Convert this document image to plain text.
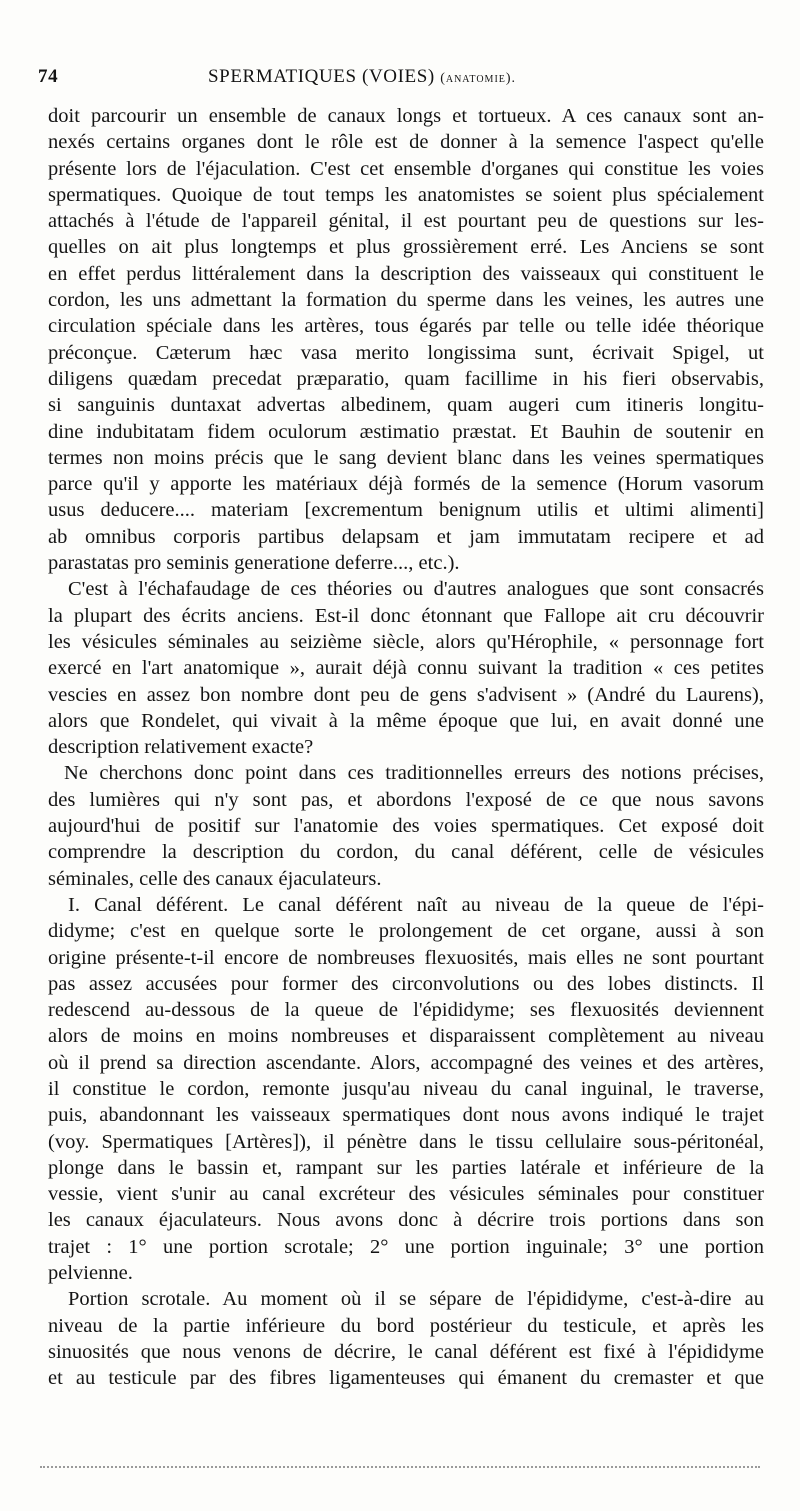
74	SPERMATIQUES (VOIES) (anatomie).
doit parcourir un ensemble de canaux longs et tortueux. A ces canaux sont an-
nexés certains organes dont le rôle est de donner à la semence l'aspect qu'elle
présente lors de l'éjaculation. C'est cet ensemble d'organes qui constitue les voies
spermatiques. Quoique de tout temps les anatomistes se soient plus spécialement
attachés à l'étude de l'appareil génital, il est pourtant peu de questions sur les-
quelles on ait plus longtemps et plus grossièrement erré. Les Anciens se sont
en effet perdus littéralement dans la description des vaisseaux qui constituent le
cordon, les uns admettant la formation du sperme dans les veines, les autres une
circulation spéciale dans les artères, tous égarés par telle ou telle idée théorique
préconçue. Cæterum hæc vasa merito longissima sunt, écrivait Spigel, ut
diligens quædam precedat præparatio, quam facillime in his fieri observabis,
si sanguinis duntaxat advertas albedinem, quam augeri cum itineris longitu-
dine indubitatam fidem oculorum æstimatio præstat. Et Bauhin de soutenir en
termes non moins précis que le sang devient blanc dans les veines spermatiques
parce qu'il y apporte les matériaux déjà formés de la semence (Horum vasorum
usus deducere.... materiam [excrementum benignum utilis et ultimi alimenti]
ab omnibus corporis partibus delapsam et jam immutatam recipere et ad
parastatas pro seminis generatione deferre..., etc.).
C'est à l'échafaudage de ces théories ou d'autres analogues que sont consacrés
la plupart des écrits anciens. Est-il donc étonnant que Fallope ait cru découvrir
les vésicules séminales au seizième siècle, alors qu'Hérophile, « personnage fort
exercé en l'art anatomique », aurait déjà connu suivant la tradition « ces petites
vescies en assez bon nombre dont peu de gens s'advisent » (André du Laurens),
alors que Rondelet, qui vivait à la même époque que lui, en avait donné une
description relativement exacte?
Ne cherchons donc point dans ces traditionnelles erreurs des notions précises,
des lumières qui n'y sont pas, et abordons l'exposé de ce que nous savons
aujourd'hui de positif sur l'anatomie des voies spermatiques. Cet exposé doit
comprendre la description du cordon, du canal déférent, celle de vésicules
séminales, celle des canaux éjaculateurs.
I. Canal déférent. Le canal déférent naît au niveau de la queue de l'épi-
didyme; c'est en quelque sorte le prolongement de cet organe, aussi à son
origine présente-t-il encore de nombreuses flexuosités, mais elles ne sont pourtant
pas assez accusées pour former des circonvolutions ou des lobes distincts. Il
redescend au-dessous de la queue de l'épididyme; ses flexuosités deviennent
alors de moins en moins nombreuses et disparaissent complètement au niveau
où il prend sa direction ascendante. Alors, accompagné des veines et des artères,
il constitue le cordon, remonte jusqu'au niveau du canal inguinal, le traverse,
puis, abandonnant les vaisseaux spermatiques dont nous avons indiqué le trajet
(voy. Spermatiques [Artères]), il pénètre dans le tissu cellulaire sous-péritonéal,
plonge dans le bassin et, rampant sur les parties latérale et inférieure de la
vessie, vient s'unir au canal excréteur des vésicules séminales pour constituer
les canaux éjaculateurs. Nous avons donc à décrire trois portions dans son
trajet : 1° une portion scrotale; 2° une portion inguinale; 3° une portion
pelvienne.
Portion scrotale. Au moment où il se sépare de l'épididyme, c'est-à-dire au
niveau de la partie inférieure du bord postérieur du testicule, et après les
sinuosités que nous venons de décrire, le canal déférent est fixé à l'épididyme
et au testicule par des fibres ligamenteuses qui émanent du cremaster et que
